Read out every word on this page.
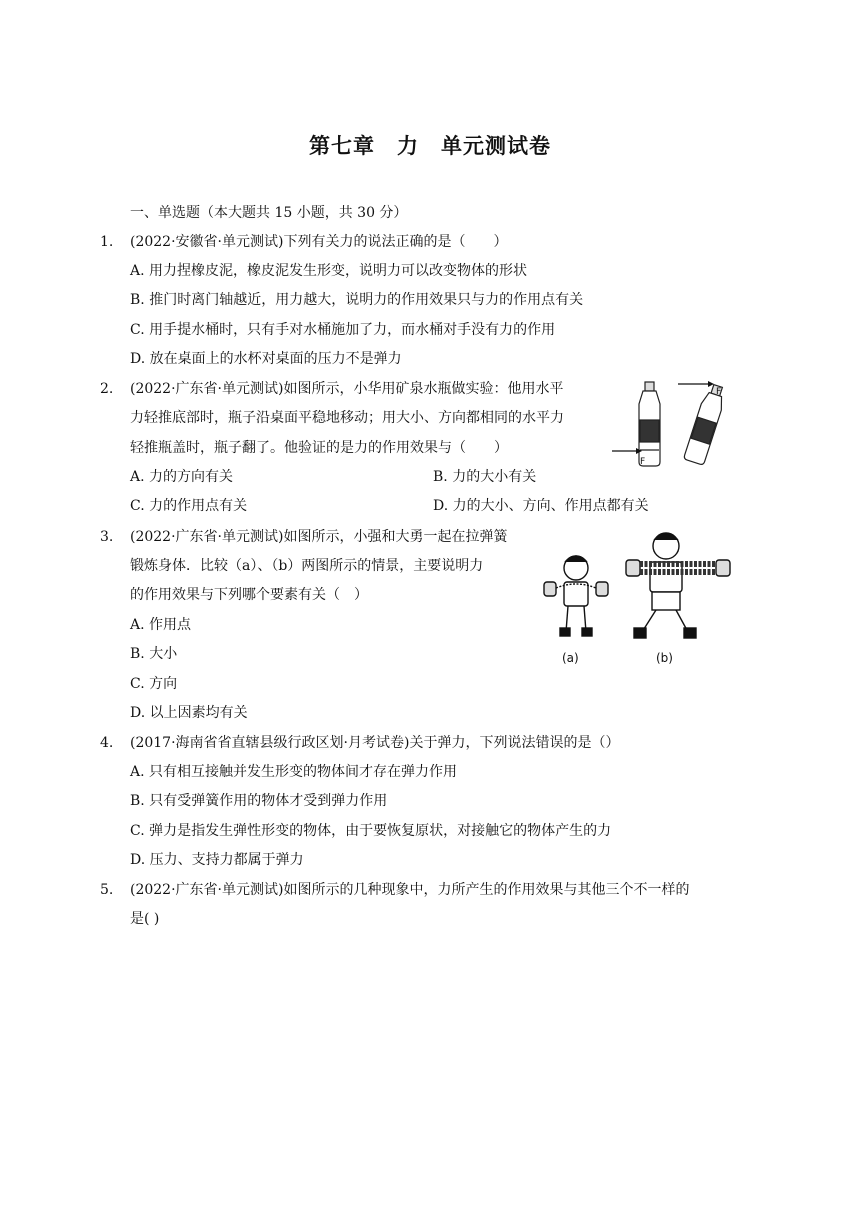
第七章　力　单元测试卷
一、单选题（本大题共 15 小题，共 30 分）
1. (2022·安徽省·单元测试)下列有关力的说法正确的是（　　）
A. 用力捏橡皮泥，橡皮泥发生形变，说明力可以改变物体的形状
B. 推门时离门轴越近，用力越大，说明力的作用效果只与力的作用点有关
C. 用手提水桶时，只有手对水桶施加了力，而水桶对手没有力的作用
D. 放在桌面上的水杯对桌面的压力不是弹力
2. (2022·广东省·单元测试)如图所示，小华用矿泉水瓶做实验：他用水平
力轻推底部时，瓶子沿桌面平稳地移动；用大小、方向都相同的水平力
轻推瓶盖时，瓶子翻了。他验证的是力的作用效果与（　　）
A. 力的方向有关	B. 力的大小有关
C. 力的作用点有关	D. 力的大小、方向、作用点都有关
F
F
3. (2022·广东省·单元测试)如图所示，小强和大勇一起在拉弹簧
锻炼身体．比较（a）、（b）两图所示的情景，主要说明力
的作用效果与下列哪个要素有关（　）
A. 作用点
B. 大小
C. 方向
D. 以上因素均有关
(a)	(b)
4. (2017·海南省省直辖县级行政区划·月考试卷)关于弹力，下列说法错误的是（）
A. 只有相互接触并发生形变的物体间才存在弹力作用
B. 只有受弹簧作用的物体才受到弹力作用
C. 弹力是指发生弹性形变的物体，由于要恢复原状，对接触它的物体产生的力
D. 压力、支持力都属于弹力
5. (2022·广东省·单元测试)如图所示的几种现象中，力所产生的作用效果与其他三个不一样的
是( )
